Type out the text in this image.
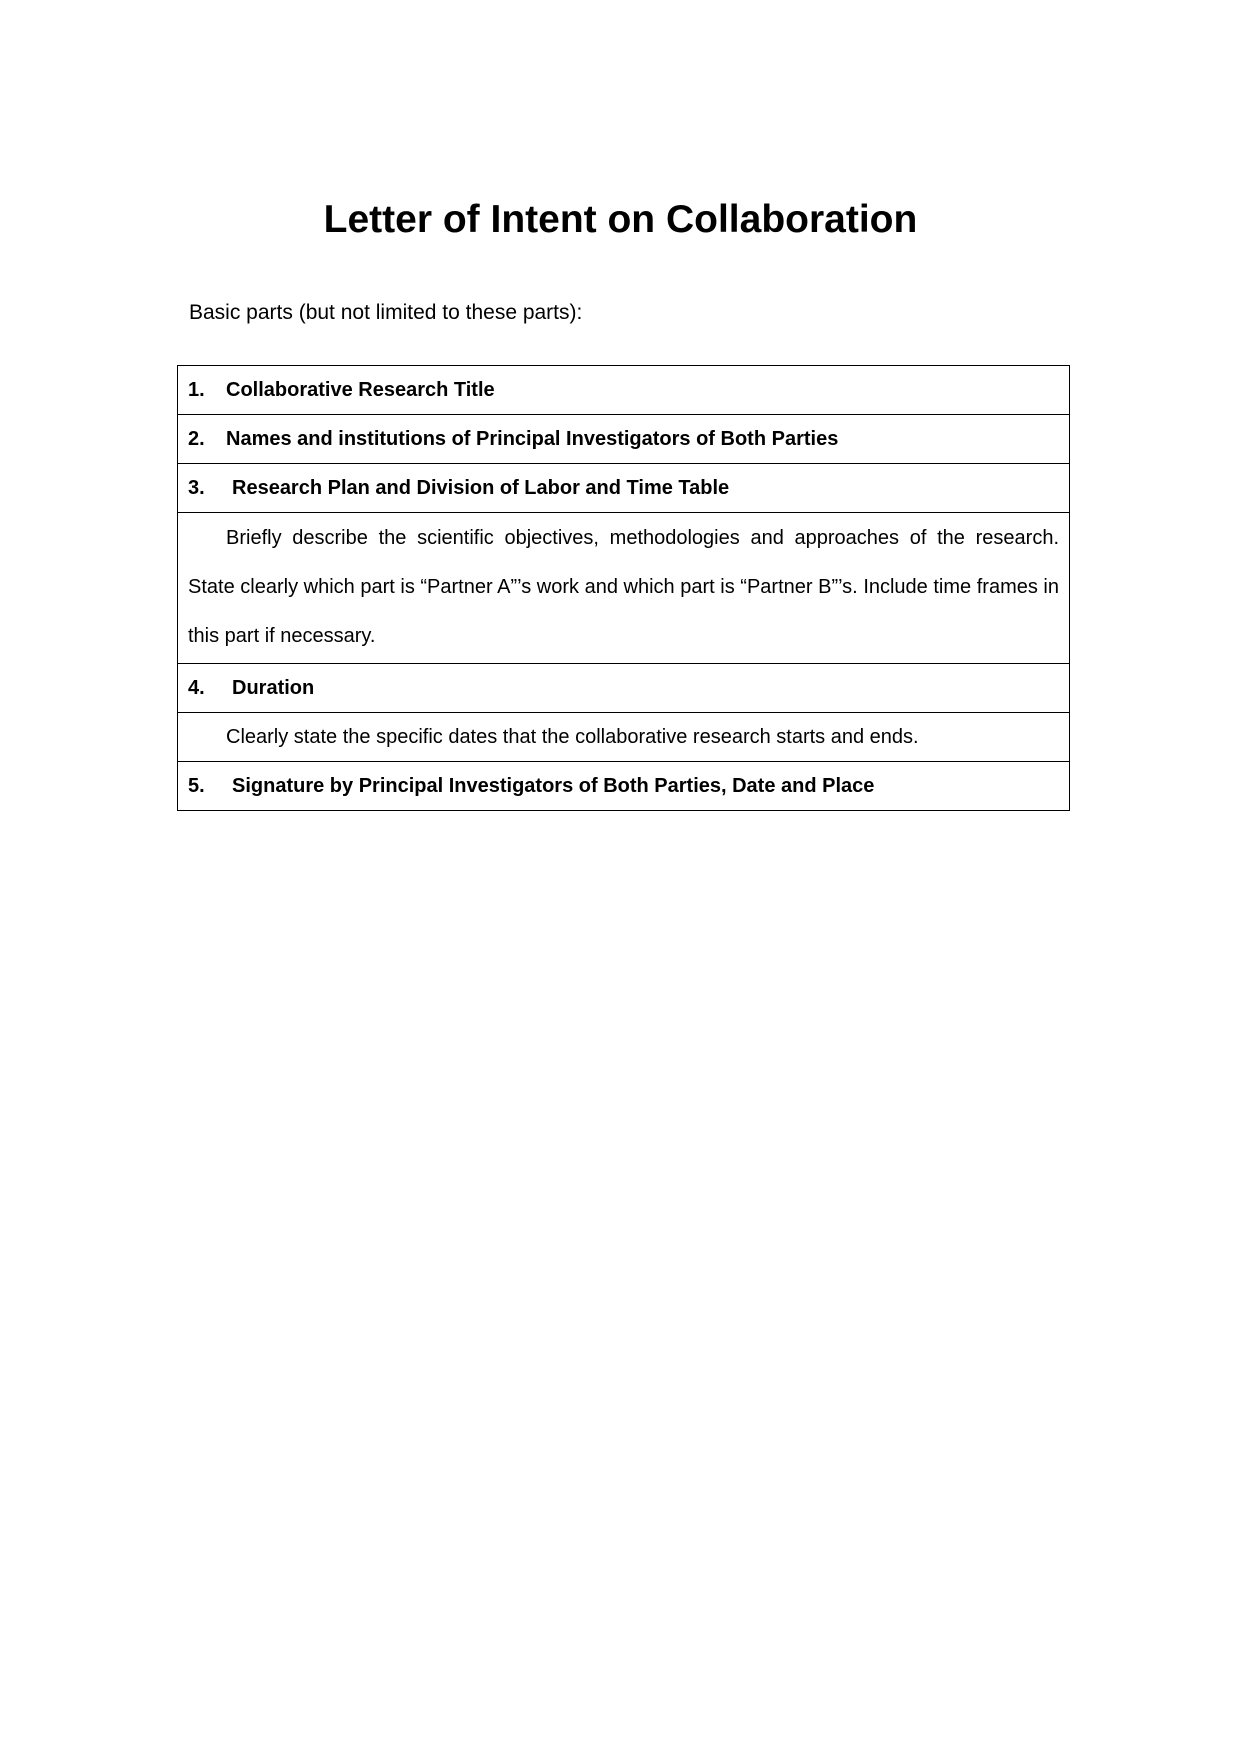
Letter of Intent on Collaboration
Basic parts (but not limited to these parts):
1. Collaborative Research Title
2. Names and institutions of Principal Investigators of Both Parties
3. Research Plan and Division of Labor and Time Table
Briefly describe the scientific objectives, methodologies and approaches of the research. State clearly which part is “Partner A”’s work and which part is “Partner B”’s. Include time frames in this part if necessary.
4. Duration
Clearly state the specific dates that the collaborative research starts and ends.
5. Signature by Principal Investigators of Both Parties, Date and Place
